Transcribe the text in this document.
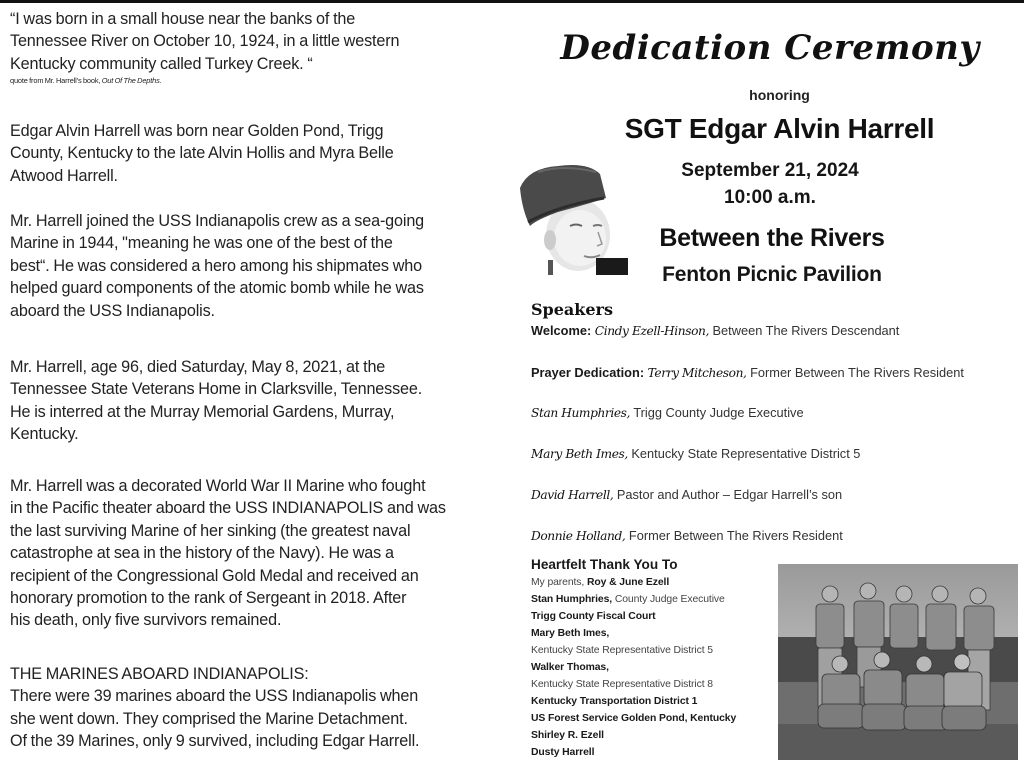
“I was born in a small house near the banks of the

Tennessee River on October 10, 1924, in a little western

Kentucky community called Turkey Creek. “

quote from Mr. Harrell’s book, Out Of The Depths.

Edgar Alvin Harrell was born near Golden Pond, Trigg

County, Kentucky to the late Alvin Hollis and Myra Belle

Atwood Harrell.

Mr. Harrell joined the USS Indianapolis crew as a sea-going

Marine in 1944, "meaning he was one of the best of the

best“. He was considered a hero among his shipmates who

helped guard components of the atomic bomb while he was

aboard the USS Indianapolis.

Mr. Harrell, age 96, died Saturday, May 8, 2021, at the

Tennessee State Veterans Home in Clarksville, Tennessee.

He is interred at the Murray Memorial Gardens, Murray,

Kentucky.

Mr. Harrell was a decorated World War II Marine who fought

in the Pacific theater aboard the USS INDIANAPOLIS and was

the last surviving Marine of her sinking (the greatest naval

catastrophe at sea in the history of the Navy). He was a

recipient of the Congressional Gold Medal and received an

honorary promotion to the rank of Sergeant in 2018. After

his death, only five survivors remained.

THE MARINES ABOARD INDIANAPOLIS:

There were 39 marines aboard the USS Indianapolis when

she went down. They comprised the Marine Detachment.

Of the 39 Marines, only 9 survived, including Edgar Harrell.

Dedication Ceremony
honoring
SGT Edgar Alvin Harrell
September 21, 2024
10:00 a.m.
Between the Rivers
Fenton Picnic Pavilion
Speakers
Welcome: Cindy Ezell-Hinson, Between The Rivers Descendant
Prayer Dedication: Terry Mitcheson, Former Between The Rivers Resident
Stan Humphries, Trigg County Judge Executive
Mary Beth Imes, Kentucky State Representative District 5
David Harrell, Pastor and Author – Edgar Harrell’s son
Donnie Holland, Former Between The Rivers Resident
Heartfelt Thank You To
My parents, Roy & June Ezell
Stan Humphries, County Judge Executive
Trigg County Fiscal Court
Mary Beth Imes,
Kentucky State Representative District 5
Walker Thomas,
Kentucky State Representative District 8
Kentucky Transportation District 1
US Forest Service Golden Pond, Kentucky
Shirley R. Ezell
Dusty Harrell
